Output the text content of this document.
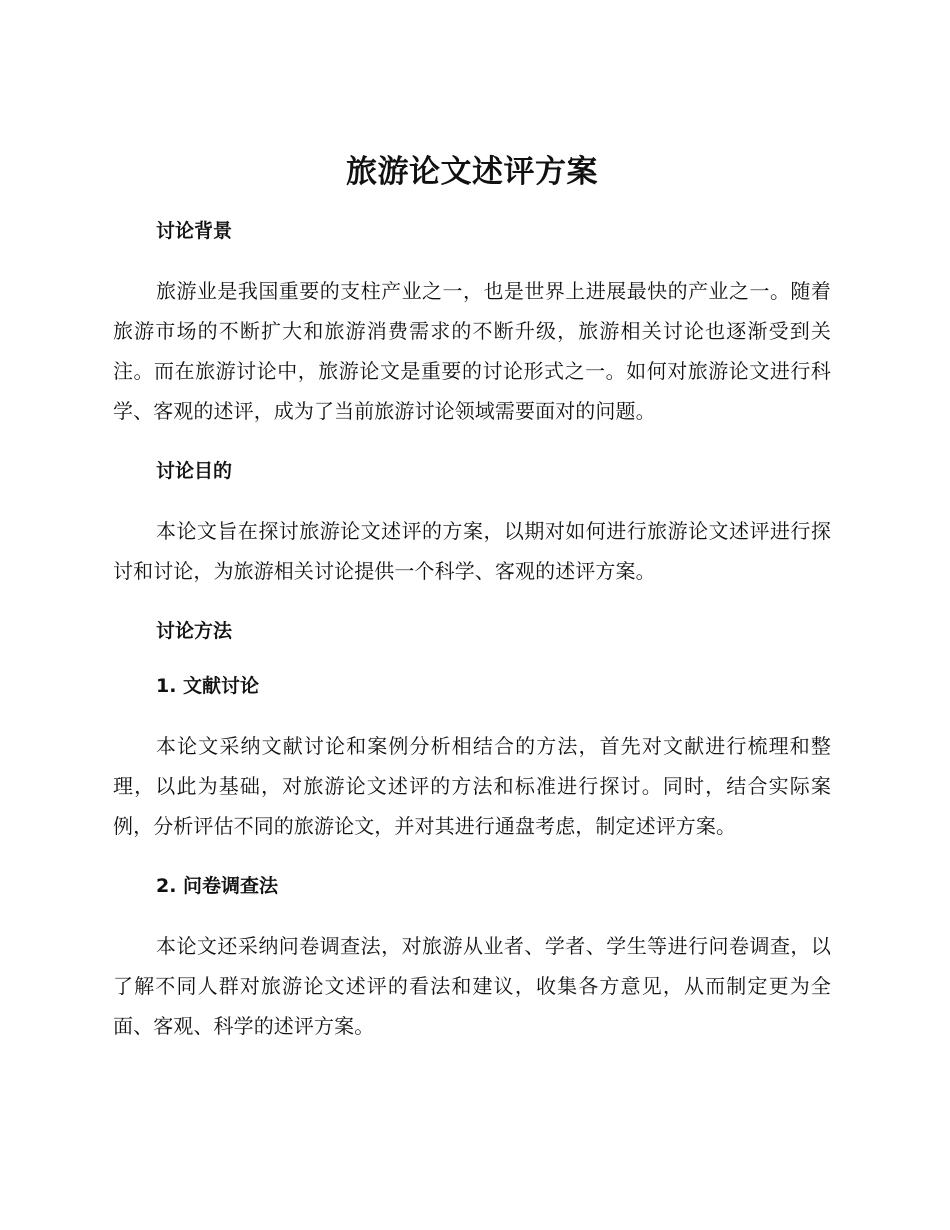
旅游论文述评方案
讨论背景

旅游业是我国重要的支柱产业之一，也是世界上进展最快的产业之一。随着旅游市场的不断扩大和旅游消费需求的不断升级，旅游相关讨论也逐渐受到关注。而在旅游讨论中，旅游论文是重要的讨论形式之一。如何对旅游论文进行科学、客观的述评，成为了当前旅游讨论领域需要面对的问题。

讨论目的

本论文旨在探讨旅游论文述评的方案，以期对如何进行旅游论文述评进行探讨和讨论，为旅游相关讨论提供一个科学、客观的述评方案。

讨论方法
1. 文献讨论

本论文采纳文献讨论和案例分析相结合的方法，首先对文献进行梳理和整理，以此为基础，对旅游论文述评的方法和标准进行探讨。同时，结合实际案例，分析评估不同的旅游论文，并对其进行通盘考虑，制定述评方案。

2. 问卷调查法

本论文还采纳问卷调查法，对旅游从业者、学者、学生等进行问卷调查，以了解不同人群对旅游论文述评的看法和建议，收集各方意见，从而制定更为全面、客观、科学的述评方案。
